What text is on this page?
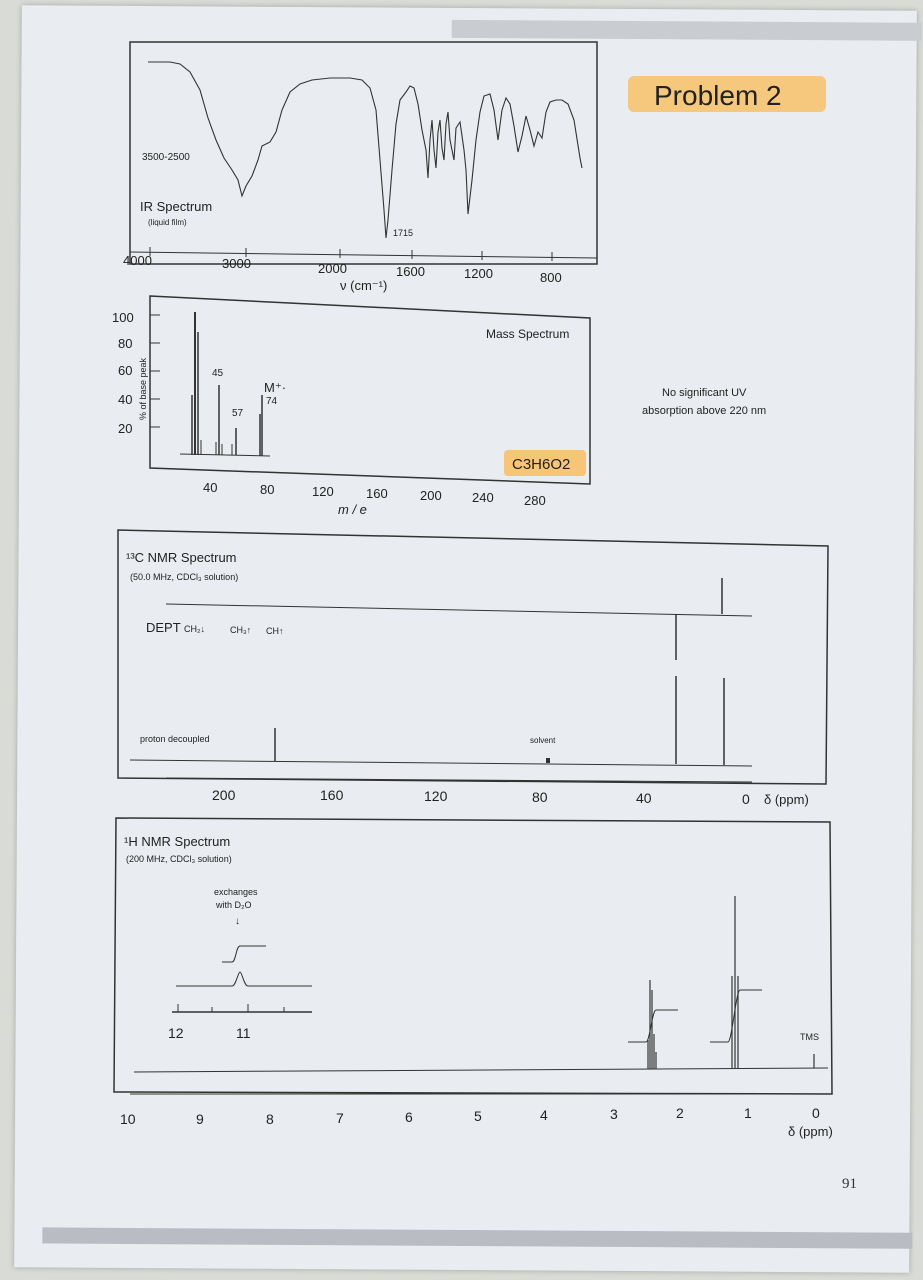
Problem 2
3500-2500
IR Spectrum
(liquid film)
1715
4000	3000	2000	1600	1200	800
ν (cm⁻¹)
100
80
60
40
20
% of base peak	45
57
M⁺·
74
Mass Spectrum
C3H6O2
40	80	120 160 200 240 280
m / e
No significant UV
absorption above 220 nm
¹³C NMR Spectrum
(50.0 MHz, CDCl₃ solution)
DEPT CH₂↓	CH₃↑ CH↑
proton decoupled	solvent
200	160	120	80	40	0 δ (ppm)
¹H NMR Spectrum
(200 MHz, CDCl₃ solution)
exchanges
with D₂O
↓
12	11	TMS
10	9	8	7	6	5	4	3	2	1	0
δ (ppm)
91
